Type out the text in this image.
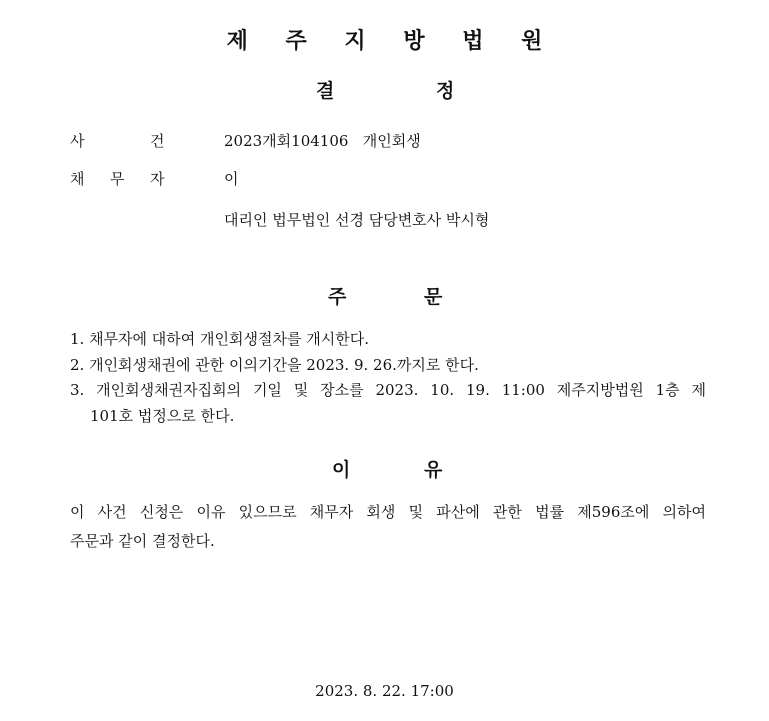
제 주 지 방 법 원
결	정
사	건	2023개회104106   개인회생
채 무 자	이
대리인 법무법인 선경 담당변호사 박시형
주	문
1. 채무자에 대하여 개인회생절차를 개시한다.
2. 개인회생채권에 관한 이의기간을 2023. 9. 26.까지로 한다.
3. 개인회생채권자집회의 기일 및 장소를 2023. 10. 19. 11:00 제주지방법원 1층 제
101호 법정으로 한다.
이	유
이 사건 신청은 이유 있으므로 채무자 회생 및 파산에 관한 법률 제596조에 의하여
주문과 같이 결정한다.
2023. 8. 22. 17:00
